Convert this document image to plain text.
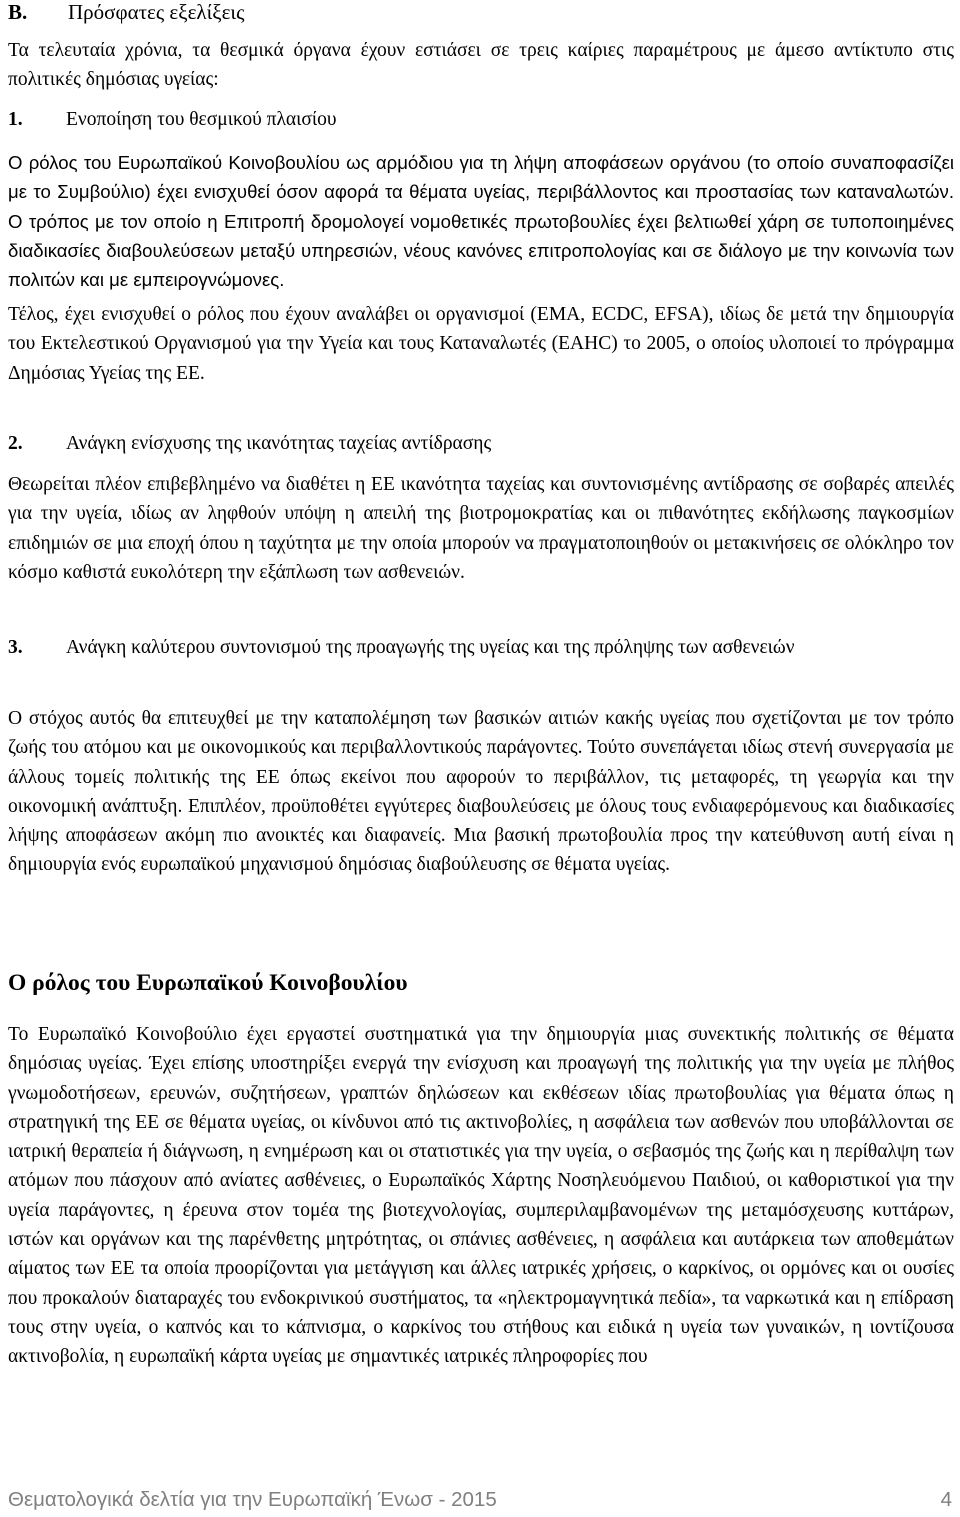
B. Πρόσφατες εξελίξεις

Τα τελευταία χρόνια, τα θεσμικά όργανα έχουν εστιάσει σε τρεις καίριες παραμέτρους με άμεσο αντίκτυπο στις πολιτικές δημόσιας υγείας:

1. Ενοποίηση του θεσμικού πλαισίου

Ο ρόλος του Ευρωπαϊκού Κοινοβουλίου ως αρμόδιου για τη λήψη αποφάσεων οργάνου (το οποίο συναποφασίζει με το Συμβούλιο) έχει ενισχυθεί όσον αφορά τα θέματα υγείας, περιβάλλοντος και προστασίας των καταναλωτών. Ο τρόπος με τον οποίο η Επιτροπή δρομολογεί νομοθετικές πρωτοβουλίες έχει βελτιωθεί χάρη σε τυποποιημένες διαδικασίες διαβουλεύσεων μεταξύ υπηρεσιών, νέους κανόνες επιτροπολογίας και σε διάλογο με την κοινωνία των πολιτών και με εμπειρογνώμονες.

Τέλος, έχει ενισχυθεί ο ρόλος που έχουν αναλάβει οι οργανισμοί (ΕΜΑ, ECDC, EFSA), ιδίως δε μετά την δημιουργία του Εκτελεστικού Οργανισμού για την Υγεία και τους Καταναλωτές (ΕΑΗC) το 2005, ο οποίος υλοποιεί το πρόγραμμα Δημόσιας Υγείας της ΕΕ.

2. Ανάγκη ενίσχυσης της ικανότητας ταχείας αντίδρασης

Θεωρείται πλέον επιβεβλημένο να διαθέτει η ΕΕ ικανότητα ταχείας και συντονισμένης αντίδρασης σε σοβαρές απειλές για την υγεία, ιδίως αν ληφθούν υπόψη η απειλή της βιοτρομοκρατίας και οι πιθανότητες εκδήλωσης παγκοσμίων επιδημιών σε μια εποχή όπου η ταχύτητα με την οποία μπορούν να πραγματοποιηθούν οι μετακινήσεις σε ολόκληρο τον κόσμο καθιστά ευκολότερη την εξάπλωση των ασθενειών.

3. Ανάγκη καλύτερου συντονισμού της προαγωγής της υγείας και της πρόληψης των ασθενειών

Ο στόχος αυτός θα επιτευχθεί με την καταπολέμηση των βασικών αιτιών κακής υγείας που σχετίζονται με τον τρόπο ζωής του ατόμου και με οικονομικούς και περιβαλλοντικούς παράγοντες. Τούτο συνεπάγεται ιδίως στενή συνεργασία με άλλους τομείς πολιτικής της ΕΕ όπως εκείνοι που αφορούν το περιβάλλον, τις μεταφορές, τη γεωργία και την οικονομική ανάπτυξη. Επιπλέον, προϋποθέτει εγγύτερες διαβουλεύσεις με όλους τους ενδιαφερόμενους και διαδικασίες λήψης αποφάσεων ακόμη πιο ανοικτές και διαφανείς. Μια βασική πρωτοβουλία προς την κατεύθυνση αυτή είναι η δημιουργία ενός ευρωπαϊκού μηχανισμού δημόσιας διαβούλευσης σε θέματα υγείας.

Ο ρόλος του Ευρωπαϊκού Κοινοβουλίου

Το Ευρωπαϊκό Κοινοβούλιο έχει εργαστεί συστηματικά για την δημιουργία μιας συνεκτικής πολιτικής σε θέματα δημόσιας υγείας. Έχει επίσης υποστηρίξει ενεργά την ενίσχυση και προαγωγή της πολιτικής για την υγεία με πλήθος γνωμοδοτήσεων, ερευνών, συζητήσεων, γραπτών δηλώσεων και εκθέσεων ιδίας πρωτοβουλίας για θέματα όπως η στρατηγική της ΕΕ σε θέματα υγείας, οι κίνδυνοι από τις ακτινοβολίες, η ασφάλεια των ασθενών που υποβάλλονται σε ιατρική θεραπεία ή διάγνωση, η ενημέρωση και οι στατιστικές για την υγεία, ο σεβασμός της ζωής και η περίθαλψη των ατόμων που πάσχουν από ανίατες ασθένειες, ο Ευρωπαϊκός Χάρτης Νοσηλευόμενου Παιδιού, οι καθοριστικοί για την υγεία παράγοντες, η έρευνα στον τομέα της βιοτεχνολογίας, συμπεριλαμβανομένων της μεταμόσχευσης κυττάρων, ιστών και οργάνων και της παρένθετης μητρότητας, οι σπάνιες ασθένειες, η ασφάλεια και αυτάρκεια των αποθεμάτων αίματος των ΕΕ τα οποία προορίζονται για μετάγγιση και άλλες ιατρικές χρήσεις, ο καρκίνος, οι ορμόνες και οι ουσίες που προκαλούν διαταραχές του ενδοκρινικού συστήματος, τα «ηλεκτρομαγνητικά πεδία», τα ναρκωτικά και η επίδραση τους στην υγεία, ο καπνός και το κάπνισμα, ο καρκίνος του στήθους και ειδικά η υγεία των γυναικών, η ιοντίζουσα ακτινοβολία, η ευρωπαϊκή κάρτα υγείας με σημαντικές ιατρικές πληροφορίες που

Θεματολογικά δελτία για την Ευρωπαϊκή Ένωσ - 2015	4
